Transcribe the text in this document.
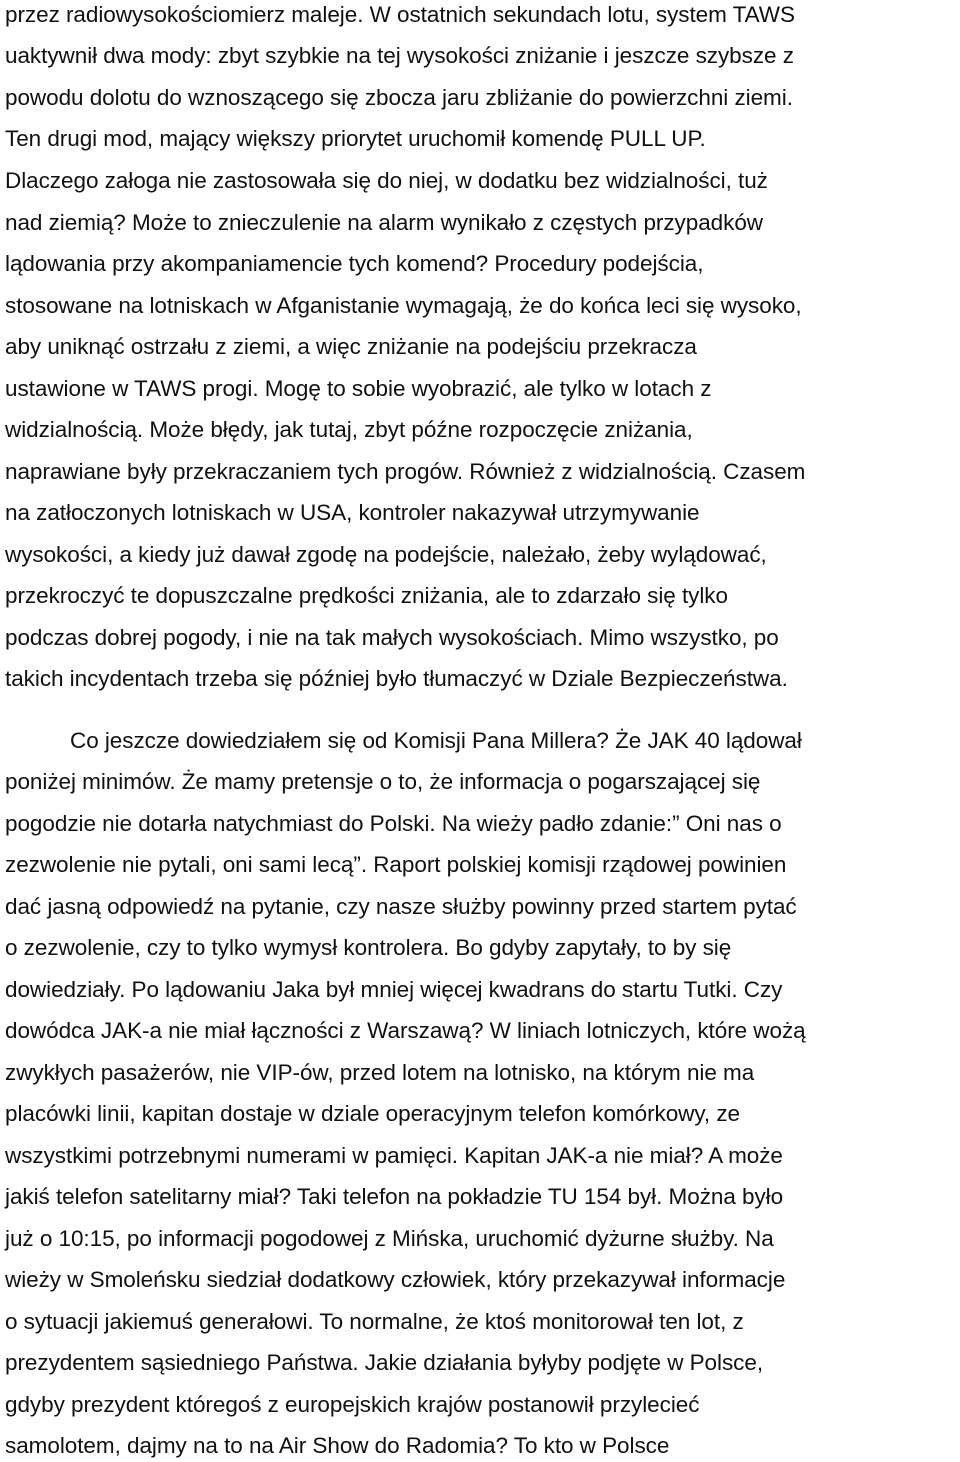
przez radiowysokościomierz maleje. W ostatnich sekundach lotu, system TAWS
uaktywnił dwa mody: zbyt szybkie na tej wysokości zniżanie i jeszcze szybsze z
powodu dolotu do wznoszącego się zbocza jaru zbliżanie do powierzchni ziemi.
Ten drugi mod, mający większy priorytet uruchomił komendę PULL UP.
Dlaczego załoga nie zastosowała się do niej, w dodatku bez widzialności, tuż
nad ziemią? Może to znieczulenie na alarm wynikało z częstych przypadków
lądowania przy akompaniamencie tych komend? Procedury podejścia,
stosowane na lotniskach w Afganistanie wymagają, że do końca leci się wysoko,
aby uniknąć ostrzału z ziemi, a więc zniżanie na podejściu przekracza
ustawione w TAWS progi. Mogę to sobie wyobrazić, ale tylko w lotach z
widzialnością. Może błędy, jak tutaj, zbyt późne rozpoczęcie zniżania,
naprawiane były przekraczaniem tych progów. Również z widzialnością. Czasem
na zatłoczonych lotniskach w USA, kontroler nakazywał utrzymywanie
wysokości, a kiedy już dawał zgodę na podejście, należało, żeby wylądować,
przekroczyć te dopuszczalne prędkości zniżania, ale to zdarzało się tylko
podczas dobrej pogody, i nie na tak małych wysokościach. Mimo wszystko, po
takich incydentach trzeba się później było tłumaczyć w Dziale Bezpieczeństwa.
Co jeszcze dowiedziałem się od Komisji Pana Millera? Że JAK 40 lądował
poniżej minimów. Że mamy pretensje o to, że informacja o pogarszającej się
pogodzie nie dotarła natychmiast do Polski. Na wieży padło zdanie:” Oni nas o
zezwolenie nie pytali, oni sami lecą”. Raport polskiej komisji rządowej powinien
dać jasną odpowiedź na pytanie, czy nasze służby powinny przed startem pytać
o zezwolenie, czy to tylko wymysł kontrolera. Bo gdyby zapytały, to by się
dowiedziały. Po lądowaniu Jaka był mniej więcej kwadrans do startu Tutki. Czy
dowódca JAK-a nie miał łączności z Warszawą? W liniach lotniczych, które wożą
zwykłych pasażerów, nie VIP-ów, przed lotem na lotnisko, na którym nie ma
placówki linii, kapitan dostaje w dziale operacyjnym telefon komórkowy, ze
wszystkimi potrzebnymi numerami w pamięci. Kapitan JAK-a nie miał? A może
jakiś telefon satelitarny miał? Taki telefon na pokładzie TU 154 był. Można było
już o 10:15, po informacji pogodowej z Mińska, uruchomić dyżurne służby. Na
wieży w Smoleńsku siedział dodatkowy człowiek, który przekazywał informacje
o sytuacji jakiemuś generałowi. To normalne, że ktoś monitorował ten lot, z
prezydentem sąsiedniego Państwa. Jakie działania byłyby podjęte w Polsce,
gdyby prezydent któregoś z europejskich krajów postanowił przylecieć
samolotem, dajmy na to na Air Show do Radomia? To kto w Polsce
